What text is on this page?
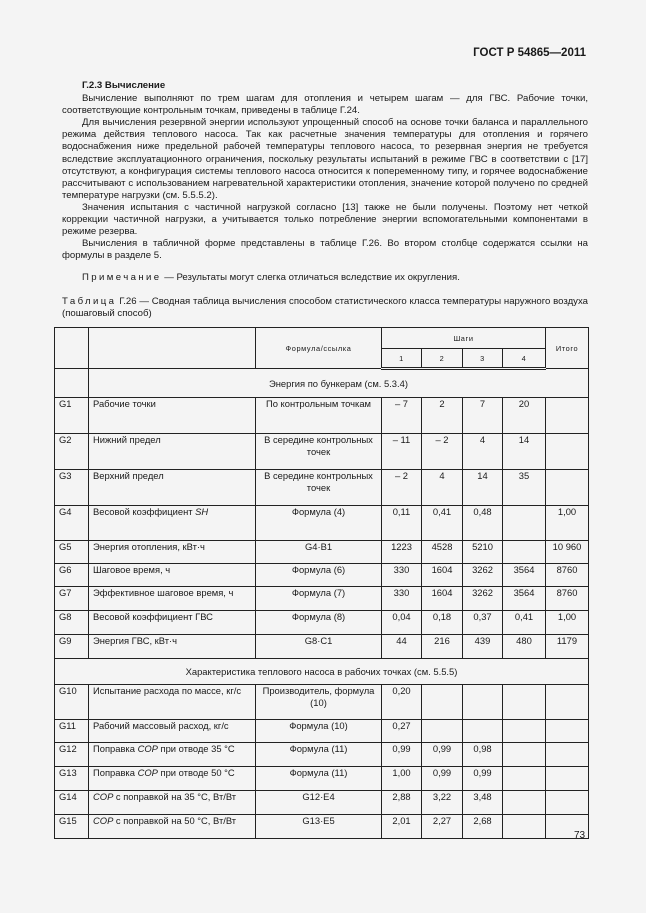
ГОСТ Р 54865—2011

Г.2.3 Вычисление

Вычисление выполняют по трем шагам для отопления и четырем шагам — для ГВС. Рабочие точки, соответствующие контрольным точкам, приведены в таблице Г.24.

Для вычисления резервной энергии используют упрощенный способ на основе точки баланса и параллельного режима действия теплового насоса. Так как расчетные значения температуры для отопления и горячего водоснабжения ниже предельной рабочей температуры теплового насоса, то резервная энергия не требуется вследствие эксплуатационного ограничения, поскольку результаты испытаний в режиме ГВС в соответствии с [17] отсутствуют, а конфигурация системы теплового насоса относится к попеременному типу, и горячее водоснабжение рассчитывают с использованием нагревательной характеристики отопления, значение которой получено по средней температуре нагрузки (см. 5.5.5.2).

Значения испытания с частичной нагрузкой согласно [13] также не были получены. Поэтому нет четкой коррекции частичной нагрузки, а учитывается только потребление энергии вспомогательными компонентами в режиме резерва.

Вычисления в табличной форме представлены в таблице Г.26. Во втором столбце содержатся ссылки на формулы в разделе 5.

Примечание — Результаты могут слегка отличаться вследствие их округления.

Таблица Г.26 — Сводная таблица вычисления способом статистического класса температуры наружного воздуха (пошаговый способ)
		Формула/ссылка	Шаги				Итого
			1	2	3	4	
	Энергия по бункерам (см. 5.3.4)						
G1	Рабочие точки	По контрольным точкам	– 7	2	7	20	
G2	Нижний предел	В середине контрольных точек	– 11	– 2	4	14	
G3	Верхний предел	В середине контрольных точек	– 2	4	14	35	
G4	Весовой коэффициент SH	Формула (4)	0,11	0,41	0,48		1,00
G5	Энергия отопления, кВт·ч	G4·B1	1223	4528	5210		10 960
G6	Шаговое время, ч	Формула (6)	330	1604	3262	3564	8760
G7	Эффективное шаговое время, ч	Формула (7)	330	1604	3262	3564	8760
G8	Весовой коэффициент ГВС	Формула (8)	0,04	0,18	0,37	0,41	1,00
G9	Энергия ГВС, кВт·ч	G8·C1	44	216	439	480	1179
Характеристика теплового насоса в рабочих точках (см. 5.5.5)							
G10	Испытание расхода по массе, кг/с	Производитель, формула (10)	0,20				
G11	Рабочий массовый расход, кг/с	Формула (10)	0,27				
G12	Поправка COP при отводе 35 °C	Формула (11)	0,99	0,99	0,98		
G13	Поправка COP при отводе 50 °C	Формула (11)	1,00	0,99	0,99		
G14	COP с поправкой на 35 °C, Вт/Вт	G12·E4	2,88	3,22	3,48		
G15	COP с поправкой на 50 °C, Вт/Вт	G13·E5	2,01	2,27	2,68		
73
